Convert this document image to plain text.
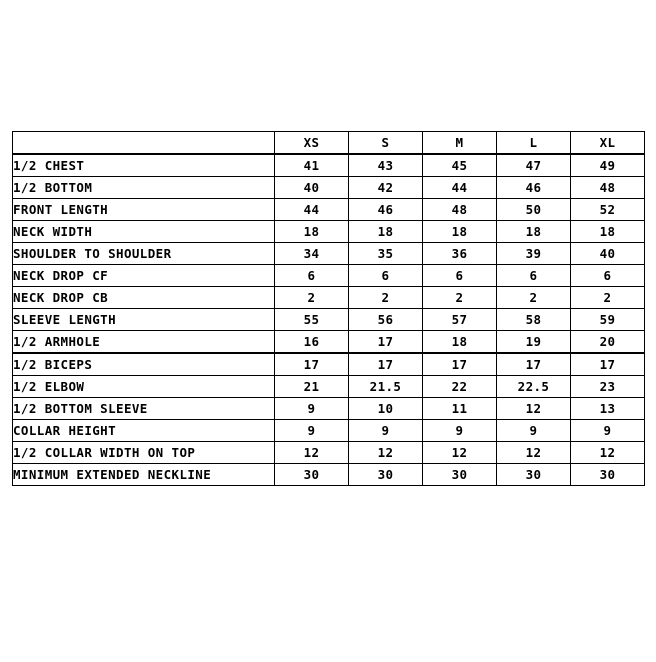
	XS	S	M	L	XL
1/2 CHEST	41	43	45	47	49
1/2 BOTTOM	40	42	44	46	48
FRONT LENGTH	44	46	48	50	52
NECK WIDTH	18	18	18	18	18
SHOULDER TO SHOULDER	34	35	36	39	40
NECK DROP CF	6	6	6	6	6
NECK DROP CB	2	2	2	2	2
SLEEVE LENGTH	55	56	57	58	59
1/2 ARMHOLE	16	17	18	19	20
1/2 BICEPS	17	17	17	17	17
1/2 ELBOW	21	21.5	22	22.5	23
1/2 BOTTOM SLEEVE	9	10	11	12	13
COLLAR HEIGHT	9	9	9	9	9
1/2 COLLAR WIDTH ON TOP	12	12	12	12	12
MINIMUM EXTENDED NECKLINE	30	30	30	30	30
